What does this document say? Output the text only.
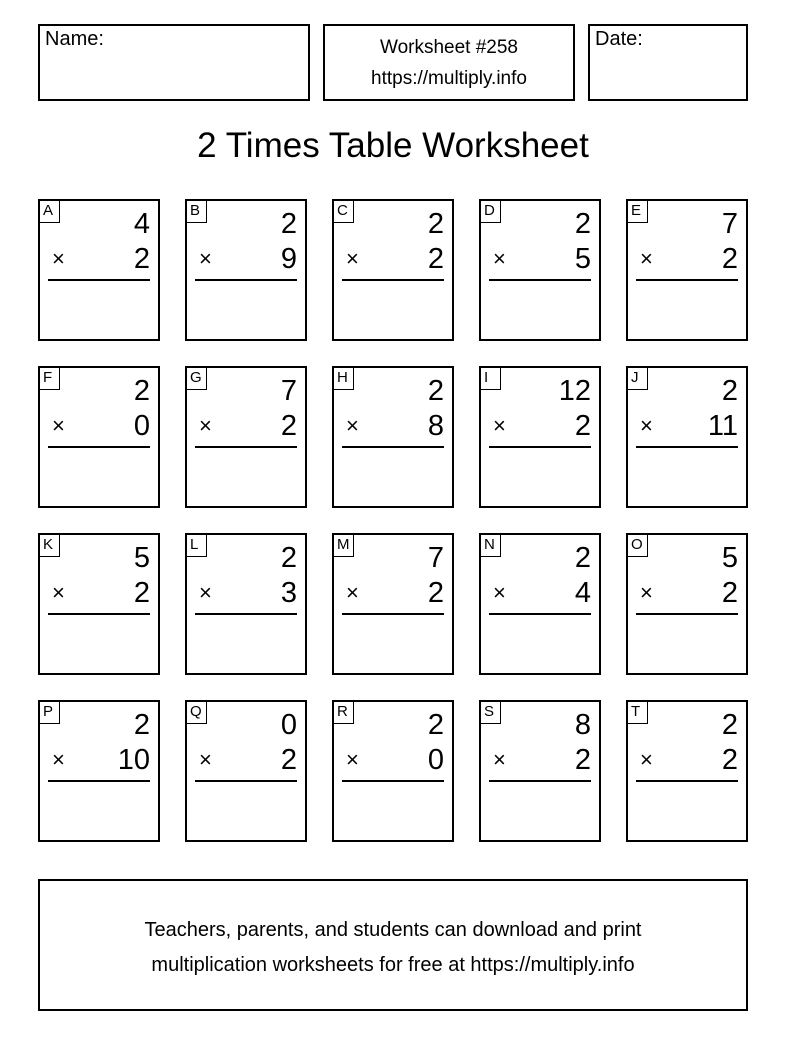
Name:	Worksheet #258
https://multiply.info
Date:
2 Times Table Worksheet
A	4
× 2
B	2
× 9
C	2
× 2
D	2
× 5
E	7
× 2
F	2
× 0
G	7
× 2
H	2
× 8
I	12
× 2
J	2
× 11
K	5
× 2
L	2
× 3
M	7
× 2
N	2
× 4
O	5
× 2
P	2
× 10
Q	0
× 2
R	2
× 0
S	8
× 2
T	2
× 2
Teachers, parents, and students can download and print
multiplication worksheets for free at https://multiply.info
